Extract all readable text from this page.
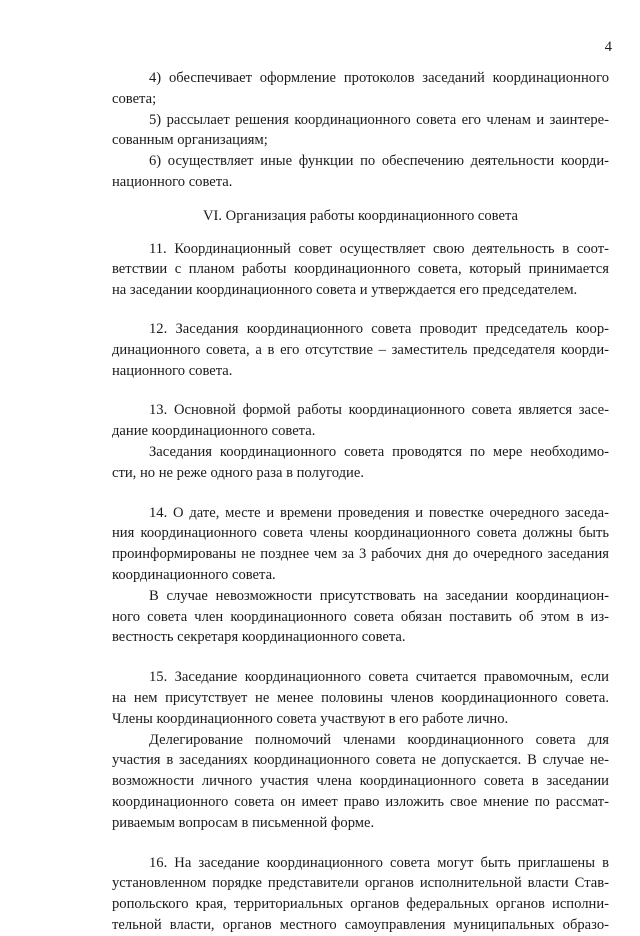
4
4) обеспечивает оформление протоколов заседаний координационного
совета;
5) рассылает решения координационного совета его членам и заинтере-
сованным организациям;
6) осуществляет иные функции по обеспечению деятельности коорди-
национного совета.
VI. Организация работы координационного совета
11. Координационный совет осуществляет свою деятельность в соот-
ветствии с планом работы координационного совета, который принимается
на заседании координационного совета и утверждается его председателем.
12. Заседания координационного совета проводит председатель коор-
динационного совета, а в его отсутствие – заместитель председателя коорди-
национного совета.
13. Основной формой работы координационного совета является засе-
дание координационного совета.
Заседания координационного совета проводятся по мере необходимо-
сти, но не реже одного раза в полугодие.
14. О дате, месте и времени проведения и повестке очередного заседа-
ния координационного совета члены координационного совета должны быть
проинформированы не позднее чем за 3 рабочих дня до очередного заседания
координационного совета.
В случае невозможности присутствовать на заседании координацион-
ного совета член координационного совета обязан поставить об этом в из-
вестность секретаря координационного совета.
15. Заседание координационного совета считается правомочным, если
на нем присутствует не менее половины членов координационного совета.
Члены координационного совета участвуют в его работе лично.
Делегирование полномочий членами координационного совета для
участия в заседаниях координационного совета не допускается. В случае не-
возможности личного участия члена координационного совета в заседании
координационного совета он имеет право изложить свое мнение по рассмат-
риваемым вопросам в письменной форме.
16. На заседание координационного совета могут быть приглашены в
установленном порядке представители органов исполнительной власти Став-
ропольского края, территориальных органов федеральных органов исполни-
тельной власти, органов местного самоуправления муниципальных образо-
